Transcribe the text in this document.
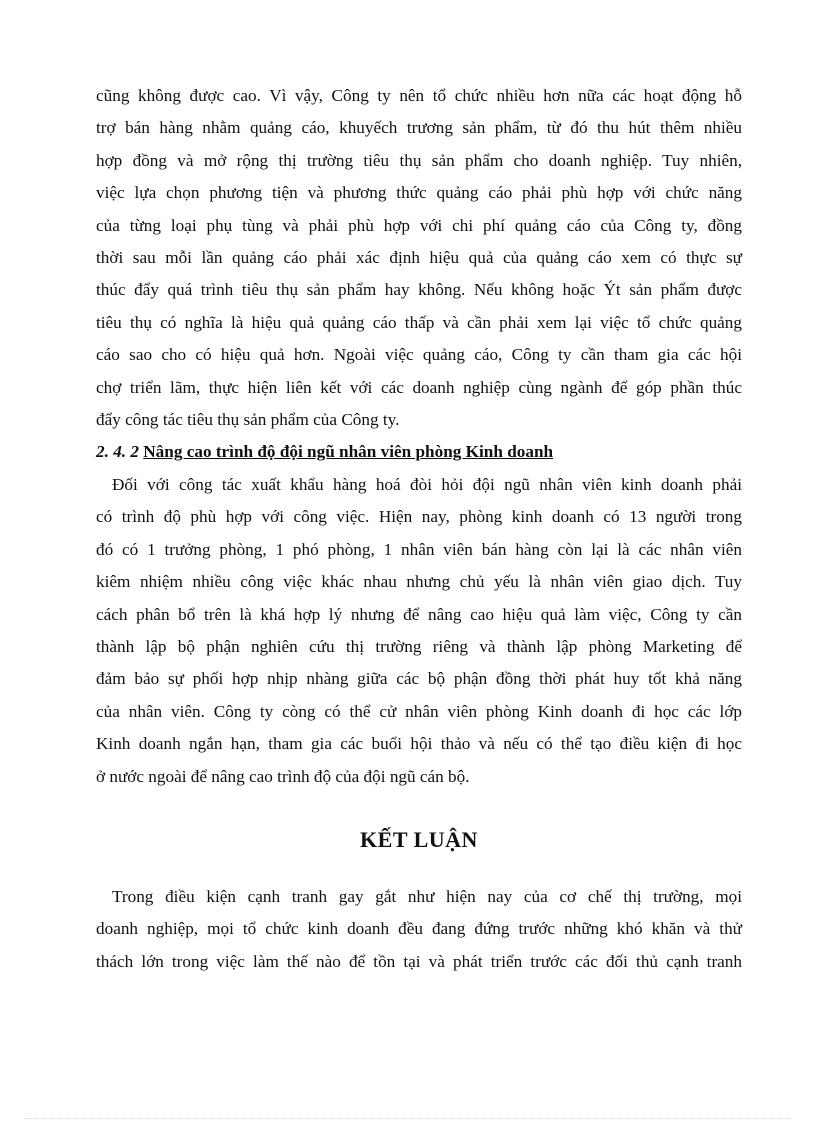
cũng không được cao. Vì vậy, Công ty nên tổ chức nhiều hơn nữa các hoạt động hỗ
trợ bán hàng nhằm quảng cáo, khuyếch trương sản phẩm, từ đó thu hút thêm nhiều
hợp đồng và mở rộng thị trường tiêu thụ sản phẩm cho doanh nghiệp. Tuy nhiên,
việc lựa chọn phương tiện và phương thức quảng cáo phải phù hợp với chức năng
của từng loại phụ tùng và phải phù hợp với chi phí quảng cáo của Công ty, đồng
thời sau mỗi lần quảng cáo phải xác định hiệu quả của quảng cáo xem có thực sự
thúc đẩy quá trình tiêu thụ sản phẩm hay không. Nếu không hoặc Ýt sản phẩm được
tiêu thụ có nghĩa là hiệu quả quảng cáo thấp và cần phải xem lại việc tổ chức quảng
cáo sao cho có hiệu quả hơn. Ngoài việc quảng cáo, Công ty cần tham gia các hội
chợ triển lãm, thực hiện liên kết với các doanh nghiệp cùng ngành để góp phần thúc
đẩy công tác tiêu thụ sản phẩm của Công ty.

2. 4. 2 Nâng cao trình độ đội ngũ nhân viên phòng Kinh doanh

Đối với công tác xuất khẩu hàng hoá đòi hỏi đội ngũ nhân viên kinh doanh phải
có trình độ phù hợp với công việc. Hiện nay, phòng kinh doanh có 13 người trong
đó có 1 trưởng phòng, 1 phó phòng, 1 nhân viên bán hàng còn lại là các nhân viên
kiêm nhiệm nhiều công việc khác nhau nhưng chủ yếu là nhân viên giao dịch. Tuy
cách phân bổ trên là khá hợp lý nhưng để nâng cao hiệu quả làm việc, Công ty cần
thành lập bộ phận nghiên cứu thị trường riêng và thành lập phòng Marketing để
đảm bảo sự phối hợp nhịp nhàng giữa các bộ phận đồng thời phát huy tốt khả năng
của nhân viên. Công ty còng có thể cử nhân viên phòng Kinh doanh đi học các lớp
Kinh doanh ngắn hạn, tham gia các buổi hội thảo và nếu có thể tạo điều kiện đi học
ở nước ngoài để nâng cao trình độ của đội ngũ cán bộ.

KẾT LUẬN

Trong điều kiện cạnh tranh gay gắt như hiện nay của cơ chế thị trường, mọi
doanh nghiệp, mọi tổ chức kinh doanh đều đang đứng trước những khó khăn và thử
thách lớn trong việc làm thế nào để tồn tại và phát triển trước các đối thủ cạnh tranh
